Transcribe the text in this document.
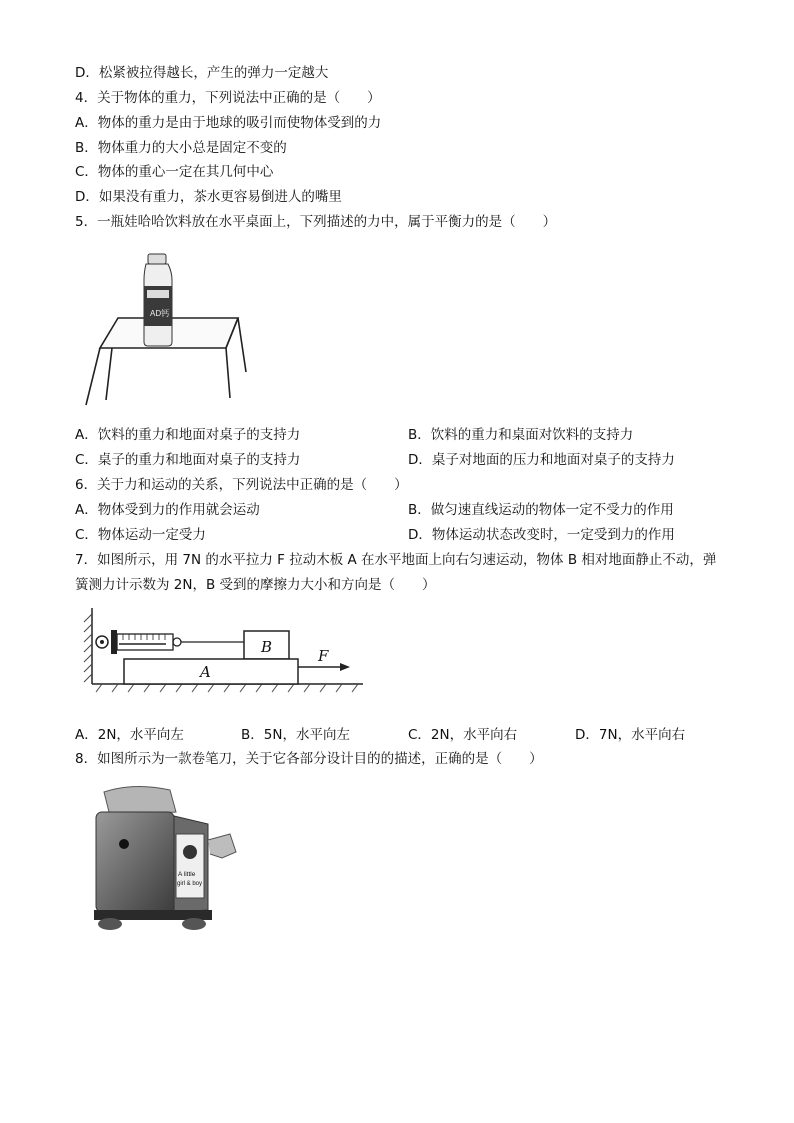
D．松紧被拉得越长，产生的弹力一定越大
4．关于物体的重力，下列说法中正确的是（　　）
A．物体的重力是由于地球的吸引而使物体受到的力
B．物体重力的大小总是固定不变的
C．物体的重心一定在其几何中心
D．如果没有重力，茶水更容易倒进人的嘴里
5．一瓶娃哈哈饮料放在水平桌面上，下列描述的力中，属于平衡力的是（　　）
AD钙
A．饮料的重力和地面对桌子的支持力	B．饮料的重力和桌面对饮料的支持力
C．桌子的重力和地面对桌子的支持力	D．桌子对地面的压力和地面对桌子的支持力
6．关于力和运动的关系，下列说法中正确的是（　　）
A．物体受到力的作用就会运动	B．做匀速直线运动的物体一定不受力的作用
C．物体运动一定受力	D．物体运动状态改变时，一定受到力的作用
7．如图所示，用 7N 的水平拉力 F 拉动木板 A 在水平地面上向右匀速运动，物体 B 相对地面静止不动，弹
簧测力计示数为 2N，B 受到的摩擦力大小和方向是（　　）
B
A
F
A．2N，水平向左	B．5N，水平向左	C．2N，水平向右	D．7N，水平向右
8．如图所示为一款卷笔刀，关于它各部分设计目的的描述，正确的是（　　）
A little
girl & boy
